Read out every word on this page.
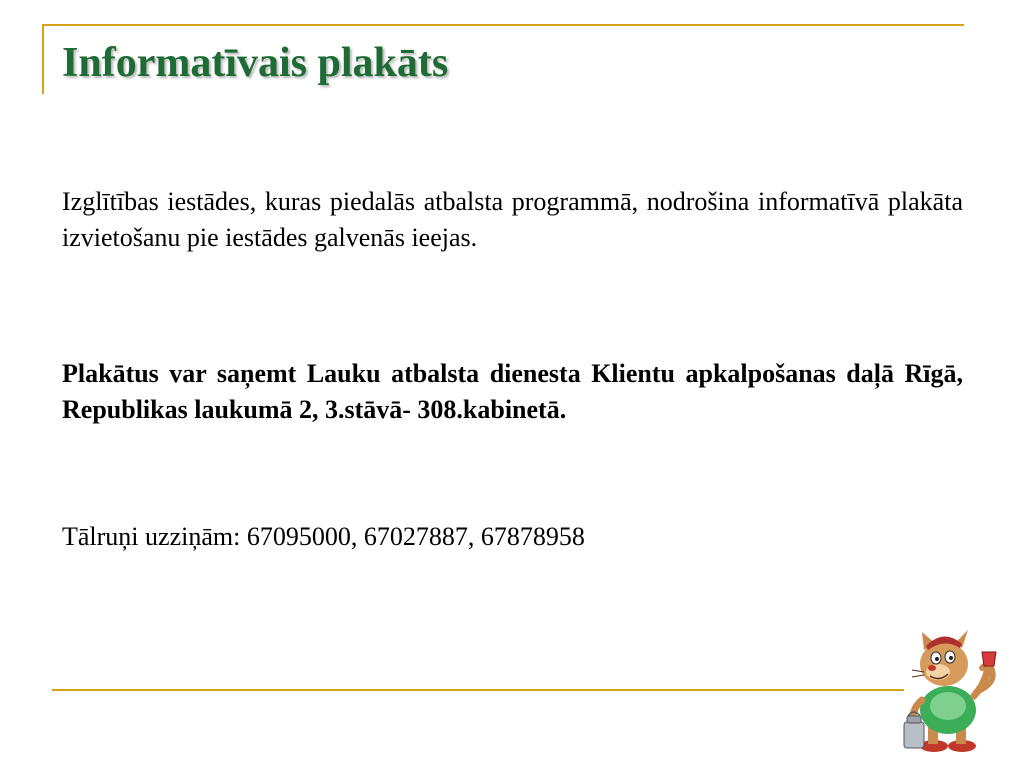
Informatīvais plakāts

Izglītības iestādes, kuras piedalās atbalsta programmā, nodrošina informatīvā plakāta izvietošanu pie iestādes galvenās ieejas.

Plakātus var saņemt Lauku atbalsta dienesta Klientu apkalpošanas daļā Rīgā, Republikas laukumā 2, 3.stāvā- 308.kabinetā.

Tālruņi uzziņām: 67095000, 67027887, 67878958
